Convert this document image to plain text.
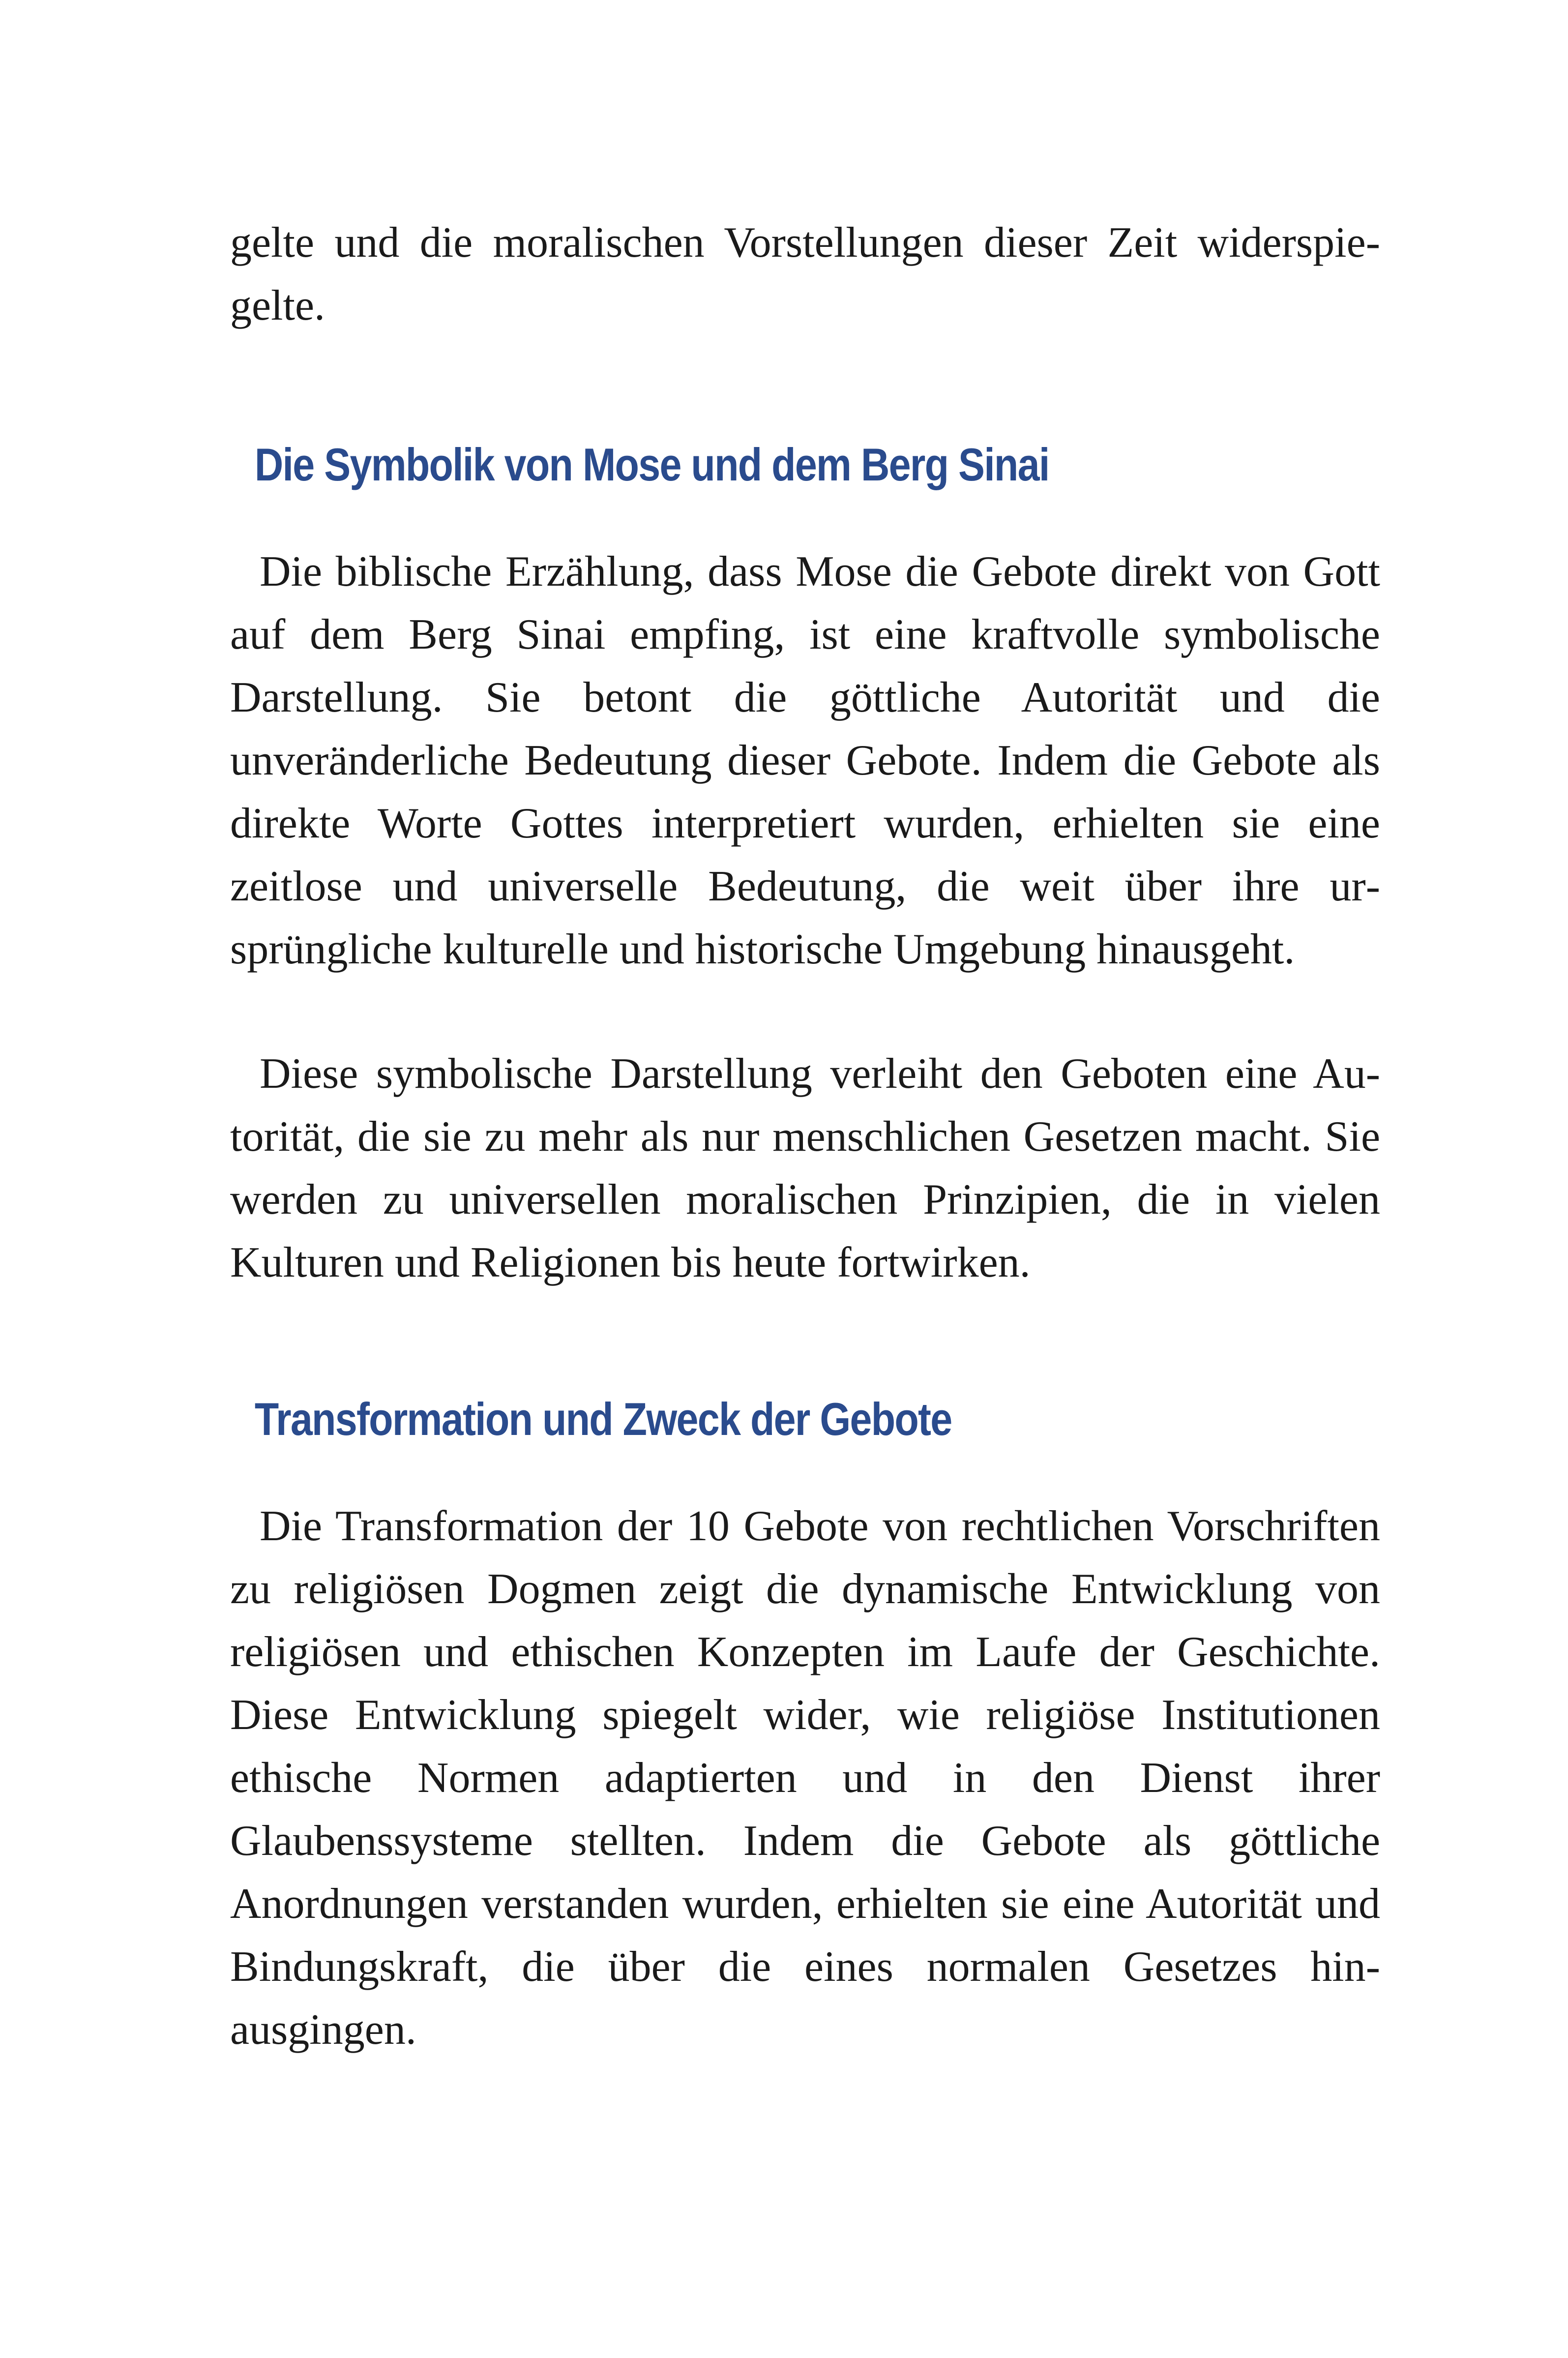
gelte und die moralischen Vorstellungen dieser Zeit widerspiegelte.

Die Symbolik von Mose und dem Berg Sinai

Die biblische Erzählung, dass Mose die Gebote direkt von Gott auf dem Berg Sinai empfing, ist eine kraftvolle symbolische Darstellung. Sie betont die göttliche Autorität und die unveränderliche Bedeutung dieser Gebote. Indem die Gebote als direkte Worte Gottes interpretiert wurden, erhielten sie eine zeitlose und universelle Bedeutung, die weit über ihre ursprüngliche kulturelle und historische Umgebung hinausgeht.

Diese symbolische Darstellung verleiht den Geboten eine Autorität, die sie zu mehr als nur menschlichen Gesetzen macht. Sie werden zu universellen moralischen Prinzipien, die in vielen Kulturen und Religionen bis heute fortwirken.

Transformation und Zweck der Gebote

Die Transformation der 10 Gebote von rechtlichen Vorschriften zu religiösen Dogmen zeigt die dynamische Entwicklung von religiösen und ethischen Konzepten im Laufe der Geschichte. Diese Entwicklung spiegelt wider, wie religiöse Institutionen ethische Normen adaptierten und in den Dienst ihrer Glaubenssysteme stellten. Indem die Gebote als göttliche Anordnungen verstanden wurden, erhielten sie eine Autorität und Bindungskraft, die über die eines normalen Gesetzes hinausgingen.
